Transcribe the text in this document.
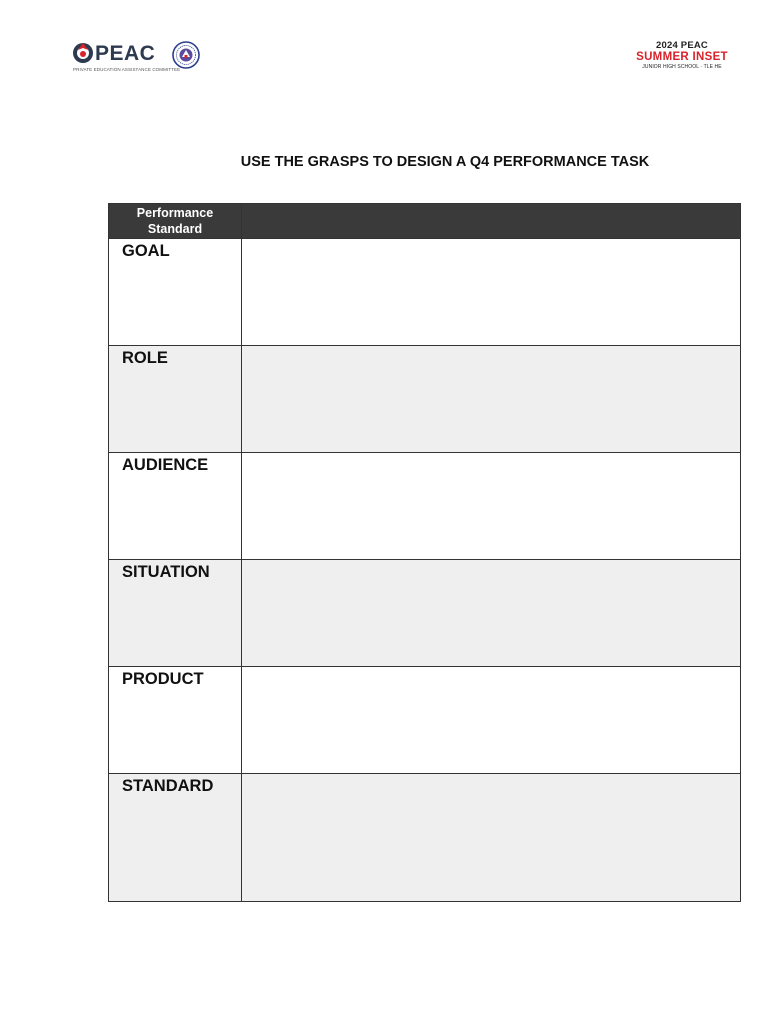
PEAC
PRIVATE EDUCATION ASSISTANCE COMMITTEE
2024 PEAC
SUMMER INSET
JUNIOR HIGH SCHOOL · TLE HE
USE THE GRASPS TO DESIGN A Q4 PERFORMANCE TASK
Performance Standard	
GOAL	
ROLE	
AUDIENCE	
SITUATION	
PRODUCT	
STANDARD	
